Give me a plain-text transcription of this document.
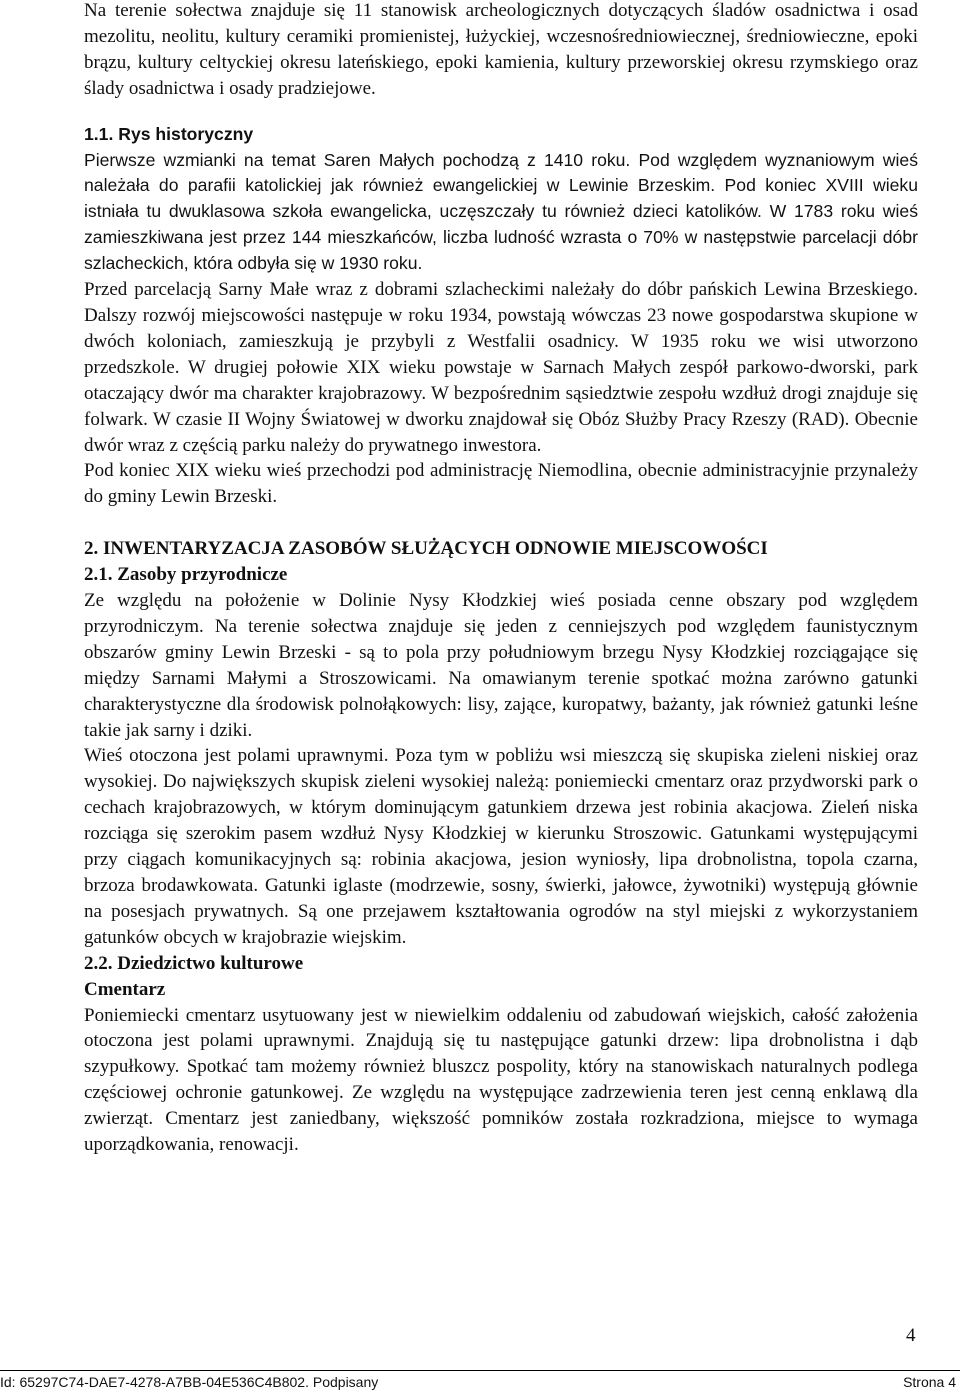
Na terenie sołectwa znajduje się 11 stanowisk archeologicznych dotyczących śladów osadnictwa i osad mezolitu, neolitu, kultury ceramiki promienistej, łużyckiej, wczesnośredniowiecznej, średniowieczne, epoki brązu, kultury celtyckiej okresu lateńskiego, epoki kamienia, kultury przeworskiej okresu rzymskiego oraz ślady osadnictwa i osady pradziejowe.

1.1. Rys historyczny

Pierwsze wzmianki na temat Saren Małych pochodzą z 1410 roku. Pod względem wyznaniowym wieś należała do parafii katolickiej jak również ewangelickiej w Lewinie Brzeskim. Pod koniec XVIII wieku istniała tu dwuklasowa szkoła ewangelicka, uczęszczały tu również dzieci katolików. W 1783 roku wieś zamieszkiwana jest przez 144 mieszkańców, liczba ludność wzrasta o 70% w następstwie parcelacji dóbr szlacheckich, która odbyła się w 1930 roku.

Przed parcelacją Sarny Małe wraz z dobrami szlacheckimi należały do dóbr pańskich Lewina Brzeskiego. Dalszy rozwój miejscowości następuje w roku 1934, powstają wówczas 23 nowe gospodarstwa skupione w dwóch koloniach, zamieszkują je przybyli z Westfalii osadnicy. W 1935 roku we wisi utworzono przedszkole. W drugiej połowie XIX wieku powstaje w Sarnach Małych zespół parkowo-dworski, park otaczający dwór ma charakter krajobrazowy. W bezpośrednim sąsiedztwie zespołu wzdłuż drogi znajduje się folwark. W czasie II Wojny Światowej w dworku znajdował się Obóz Służby Pracy Rzeszy (RAD). Obecnie dwór wraz z częścią parku należy do prywatnego inwestora.

Pod koniec XIX wieku wieś przechodzi pod administrację Niemodlina, obecnie administracyjnie przynależy do gminy Lewin Brzeski.

2. INWENTARYZACJA ZASOBÓW SŁUŻĄCYCH ODNOWIE MIEJSCOWOŚCI
2.1. Zasoby przyrodnicze

Ze względu na położenie w Dolinie Nysy Kłodzkiej wieś posiada cenne obszary pod względem przyrodniczym. Na terenie sołectwa znajduje się jeden z cenniejszych pod względem faunistycznym obszarów gminy Lewin Brzeski - są to pola przy południowym brzegu Nysy Kłodzkiej rozciągające się między Sarnami Małymi a Stroszowicami. Na omawianym terenie spotkać można zarówno gatunki charakterystyczne dla środowisk polnołąkowych: lisy, zające, kuropatwy, bażanty, jak również gatunki leśne takie jak sarny i dziki.

Wieś otoczona jest polami uprawnymi. Poza tym w pobliżu wsi mieszczą się skupiska zieleni niskiej oraz wysokiej. Do największych skupisk zieleni wysokiej należą: poniemiecki cmentarz oraz przydworski park o cechach krajobrazowych, w którym dominującym gatunkiem drzewa jest robinia akacjowa. Zieleń niska rozciąga się szerokim pasem wzdłuż Nysy Kłodzkiej w kierunku Stroszowic. Gatunkami występującymi przy ciągach komunikacyjnych są: robinia akacjowa, jesion wyniosły, lipa drobnolistna, topola czarna, brzoza brodawkowata. Gatunki iglaste (modrzewie, sosny, świerki, jałowce, żywotniki) występują głównie na posesjach prywatnych. Są one przejawem kształtowania ogrodów na styl miejski z wykorzystaniem gatunków obcych w krajobrazie wiejskim.

2.2. Dziedzictwo kulturowe
Cmentarz

Poniemiecki cmentarz usytuowany jest w niewielkim oddaleniu od zabudowań wiejskich, całość założenia otoczona jest polami uprawnymi. Znajdują się tu następujące gatunki drzew: lipa drobnolistna i dąb szypułkowy. Spotkać tam możemy również bluszcz pospolity, który na stanowiskach naturalnych podlega częściowej ochronie gatunkowej. Ze względu na występujące zadrzewienia teren jest cenną enklawą dla zwierząt. Cmentarz jest zaniedbany, większość pomników została rozkradziona, miejsce to wymaga uporządkowania, renowacji.

4
Id: 65297C74-DAE7-4278-A7BB-04E536C4B802. Podpisany	Strona 4
